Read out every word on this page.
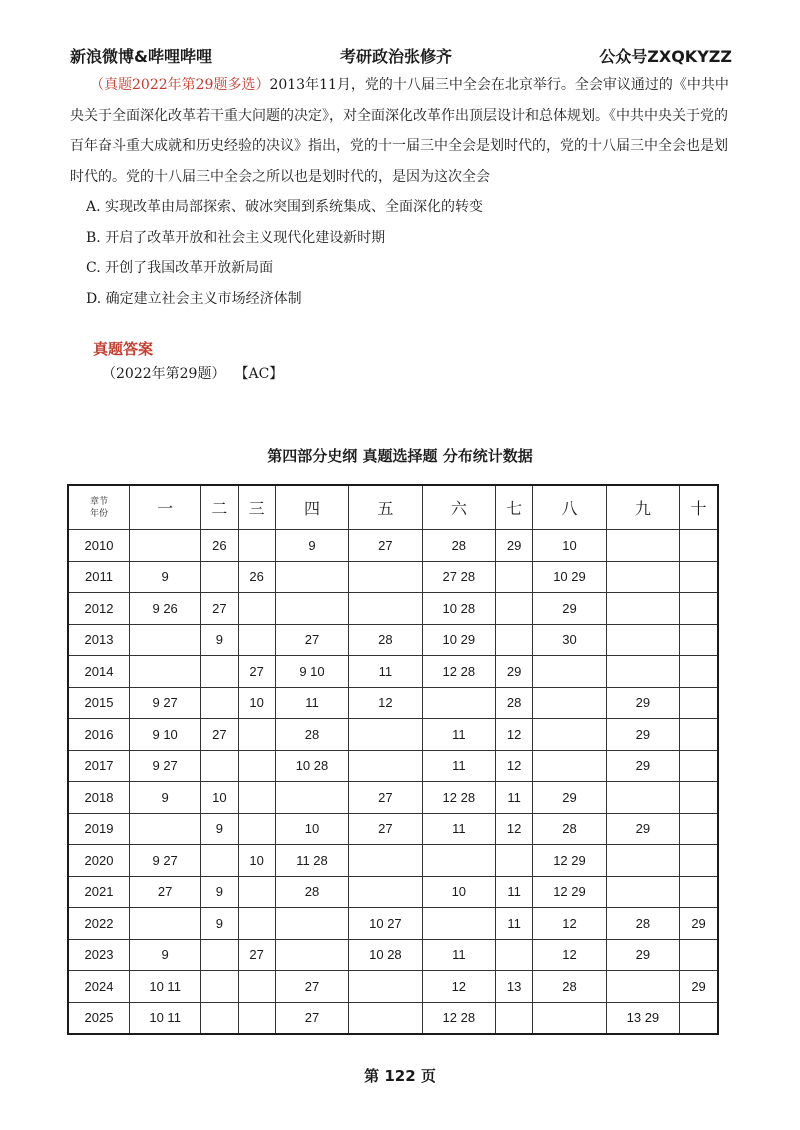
新浪微博&哔哩哔哩	考研政治张修齐	公众号ZXQKYZZ

（真题2022年第29题多选）2013年11月，党的十八届三中全会在北京举行。全会审议通过的《中共中央关于全面深化改革若干重大问题的决定》，对全面深化改革作出顶层设计和总体规划。《中共中央关于党的百年奋斗重大成就和历史经验的决议》指出，党的十一届三中全会是划时代的，党的十八届三中全会也是划时代的。党的十八届三中全会之所以也是划时代的，是因为这次全会

A. 实现改革由局部探索、破冰突围到系统集成、全面深化的转变

B. 开启了改革开放和社会主义现代化建设新时期

C. 开创了我国改革开放新局面

D. 确定建立社会主义市场经济体制

真题答案
（2022年第29题） 【AC】
第四部分史纲 真题选择题 分布统计数据
章节
年份	一	二	三	四	五	六	七	八	九	十
2010		26		9	27	28	29	10		
2011	9		26			27 28		10 29		
2012	9 26	27				10 28		29		
2013		9		27	28	10 29		30		
2014			27	9 10	11	12 28	29			
2015	9 27		10	11	12		28		29	
2016	9 10	27		28		11	12		29	
2017	9 27			10 28		11	12		29	
2018	9	10			27	12 28	11	29		
2019		9		10	27	11	12	28	29	
2020	9 27		10	11 28				12 29		
2021	27	9		28		10	11	12 29		
2022		9			10 27		11	12	28	29
2023	9		27		10 28	11		12	29	
2024	10 11			27		12	13	28		29
2025	10 11			27		12 28			13 29	
第 122 页
